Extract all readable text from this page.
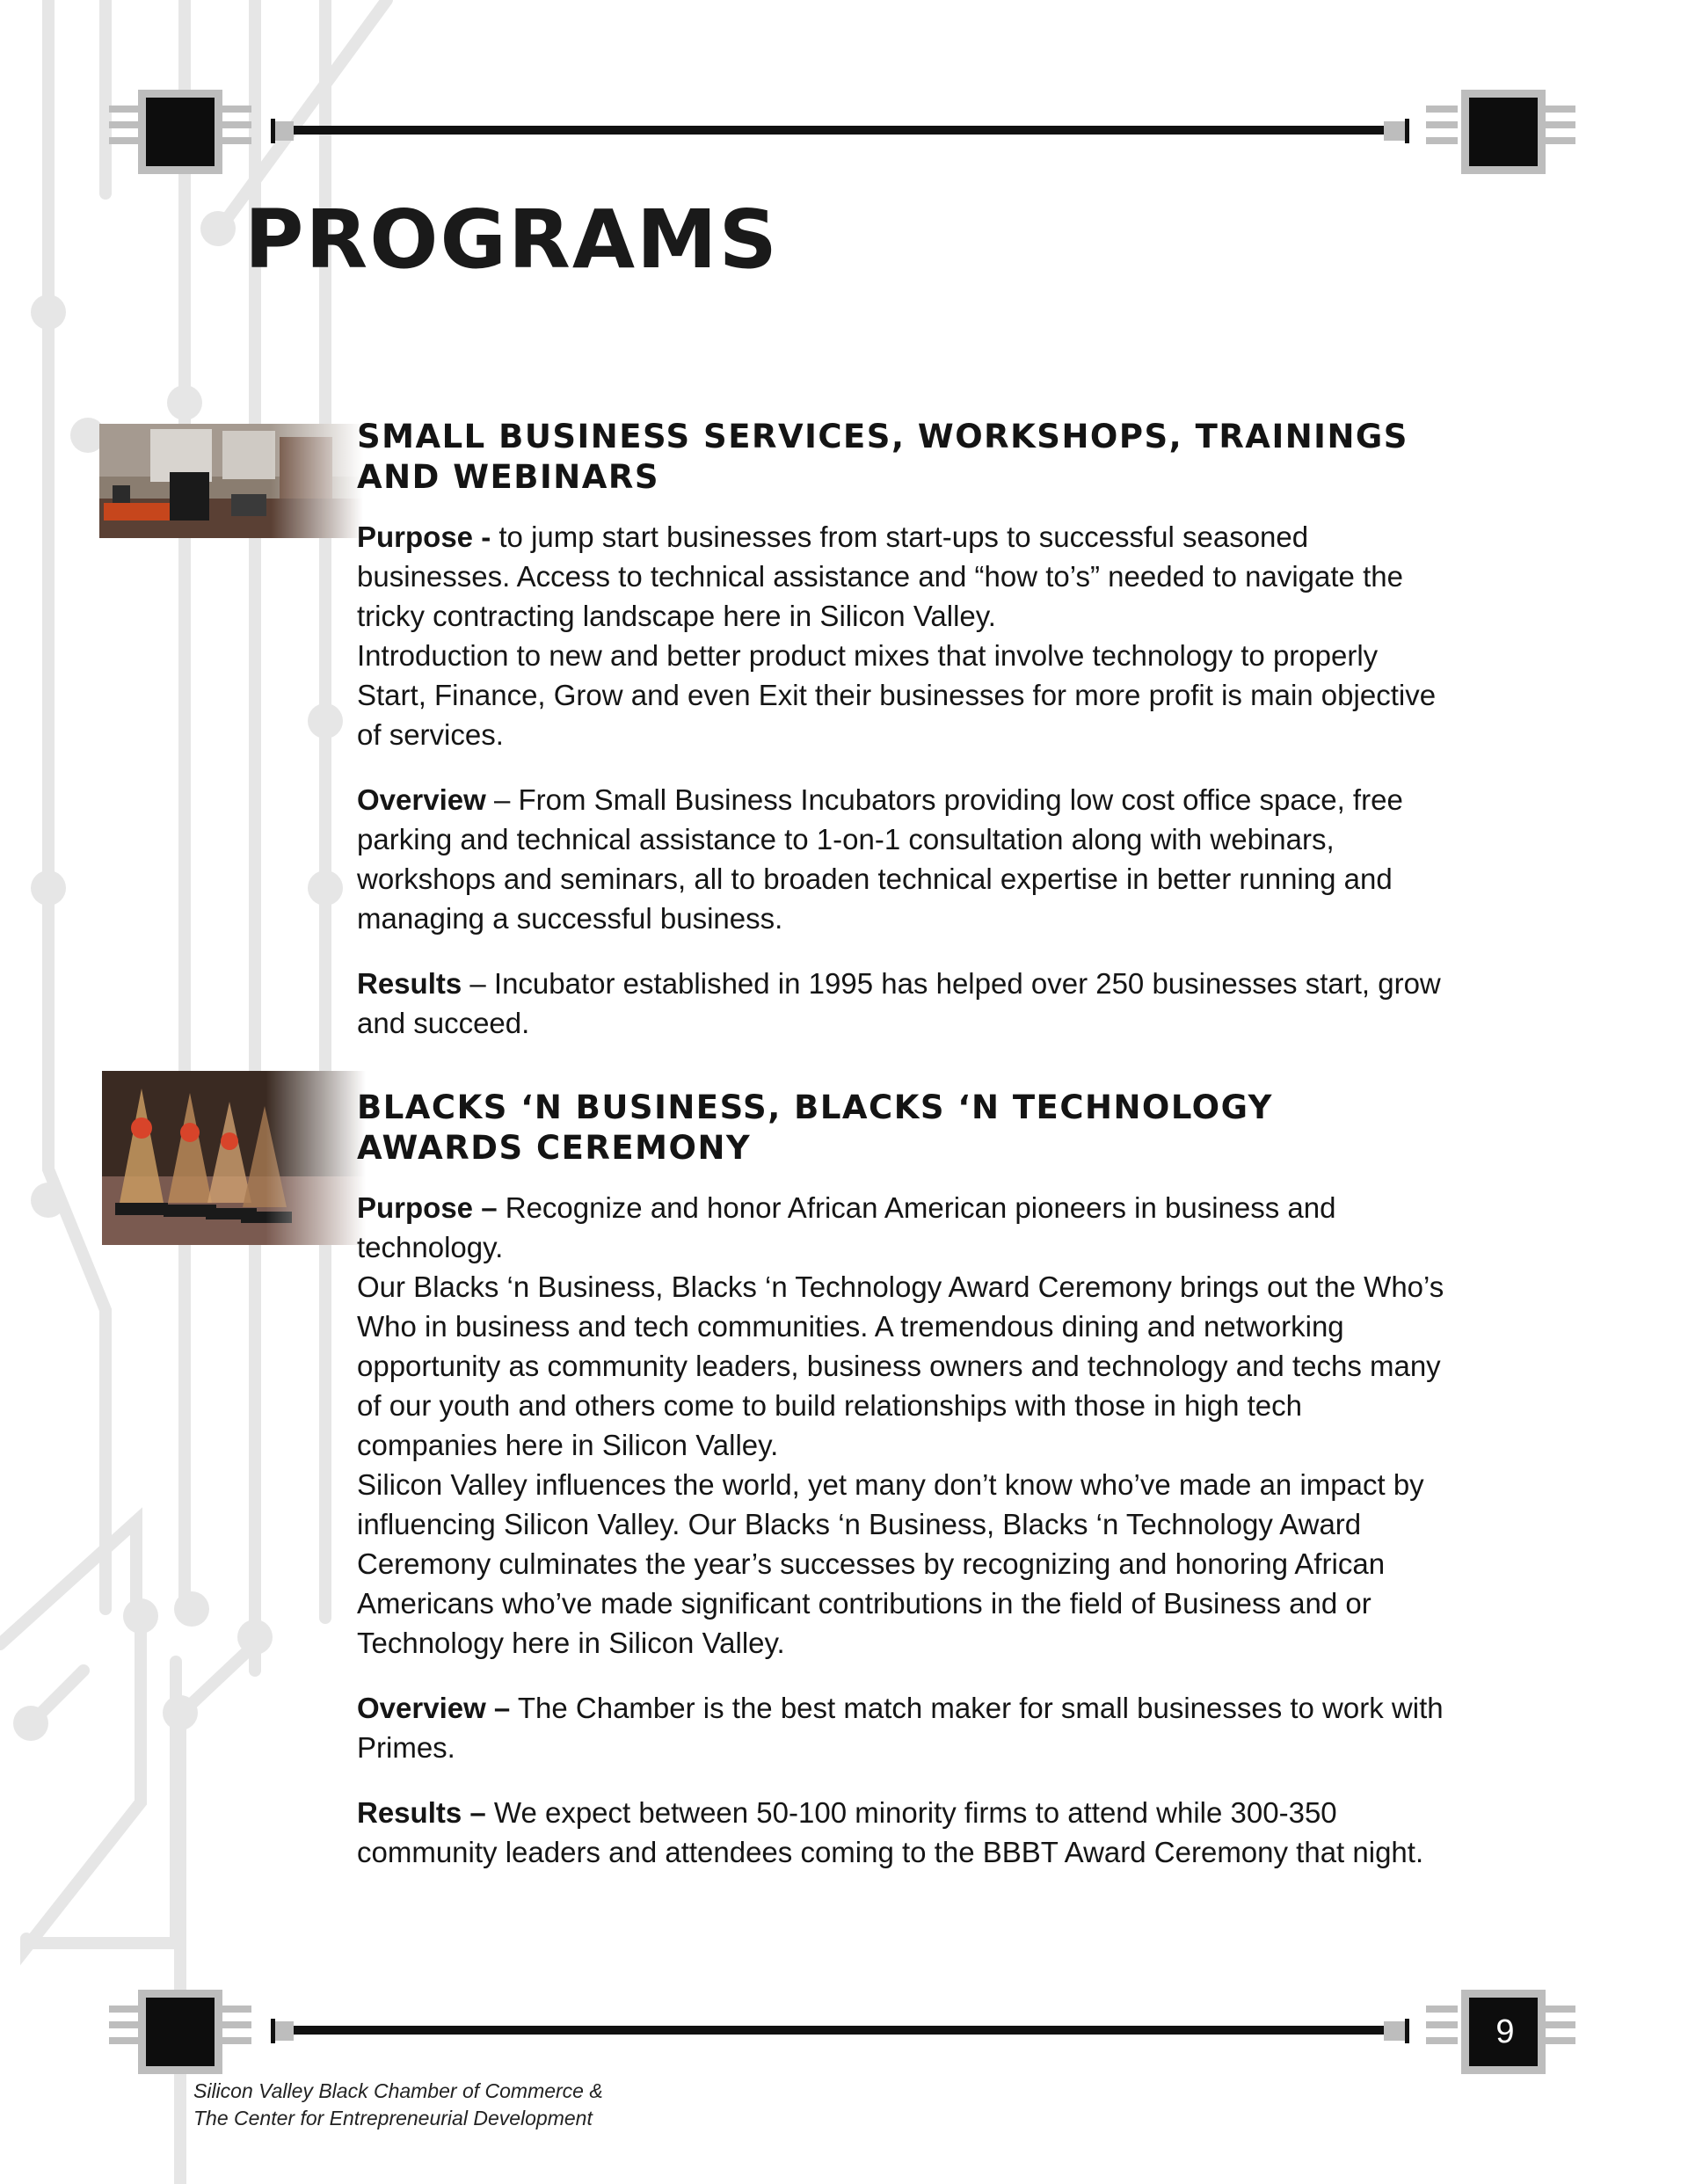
PROGRAMS
SMALL BUSINESS SERVICES, WORKSHOPS, TRAININGS AND WEBINARS

Purpose - to jump start businesses from start-ups to successful seasoned businesses. Access to technical assistance and “how to’s” needed to navigate the tricky contracting landscape here in Silicon Valley.

Introduction to new and better product mixes that involve technology to properly Start, Finance, Grow and even Exit their businesses for more profit is main objective of services.

Overview – From Small Business Incubators providing low cost office space, free parking and technical assistance to 1-on-1 consultation along with webinars, workshops and seminars, all to broaden technical expertise in better running and managing a successful business.

Results – Incubator established in 1995 has helped over 250 businesses start, grow and succeed.

BLACKS ‘N BUSINESS, BLACKS ‘N TECHNOLOGY AWARDS CEREMONY

Purpose – Recognize and honor African American pioneers in business and technology.

Our Blacks ‘n Business, Blacks ‘n Technology Award Ceremony brings out the Who’s Who in business and tech communities. A tremendous dining and networking opportunity as community leaders, business owners and technology and techs many of our youth and others come to build relationships with those in high tech companies here in Silicon Valley.

Silicon Valley influences the world, yet many don’t know who’ve made an impact by influencing Silicon Valley. Our Blacks ‘n Business, Blacks ‘n Technology Award Ceremony culminates the year’s successes by recognizing and honoring African Americans who’ve made significant contributions in the field of Business and or Technology here in Silicon Valley.

Overview – The Chamber is the best match maker for small businesses to work with Primes.

Results – We expect between 50-100 minority firms to attend while 300-350 community leaders and attendees coming to the BBBT Award Ceremony that night.

9
Silicon Valley Black Chamber of Commerce &
The Center for Entrepreneurial Development
